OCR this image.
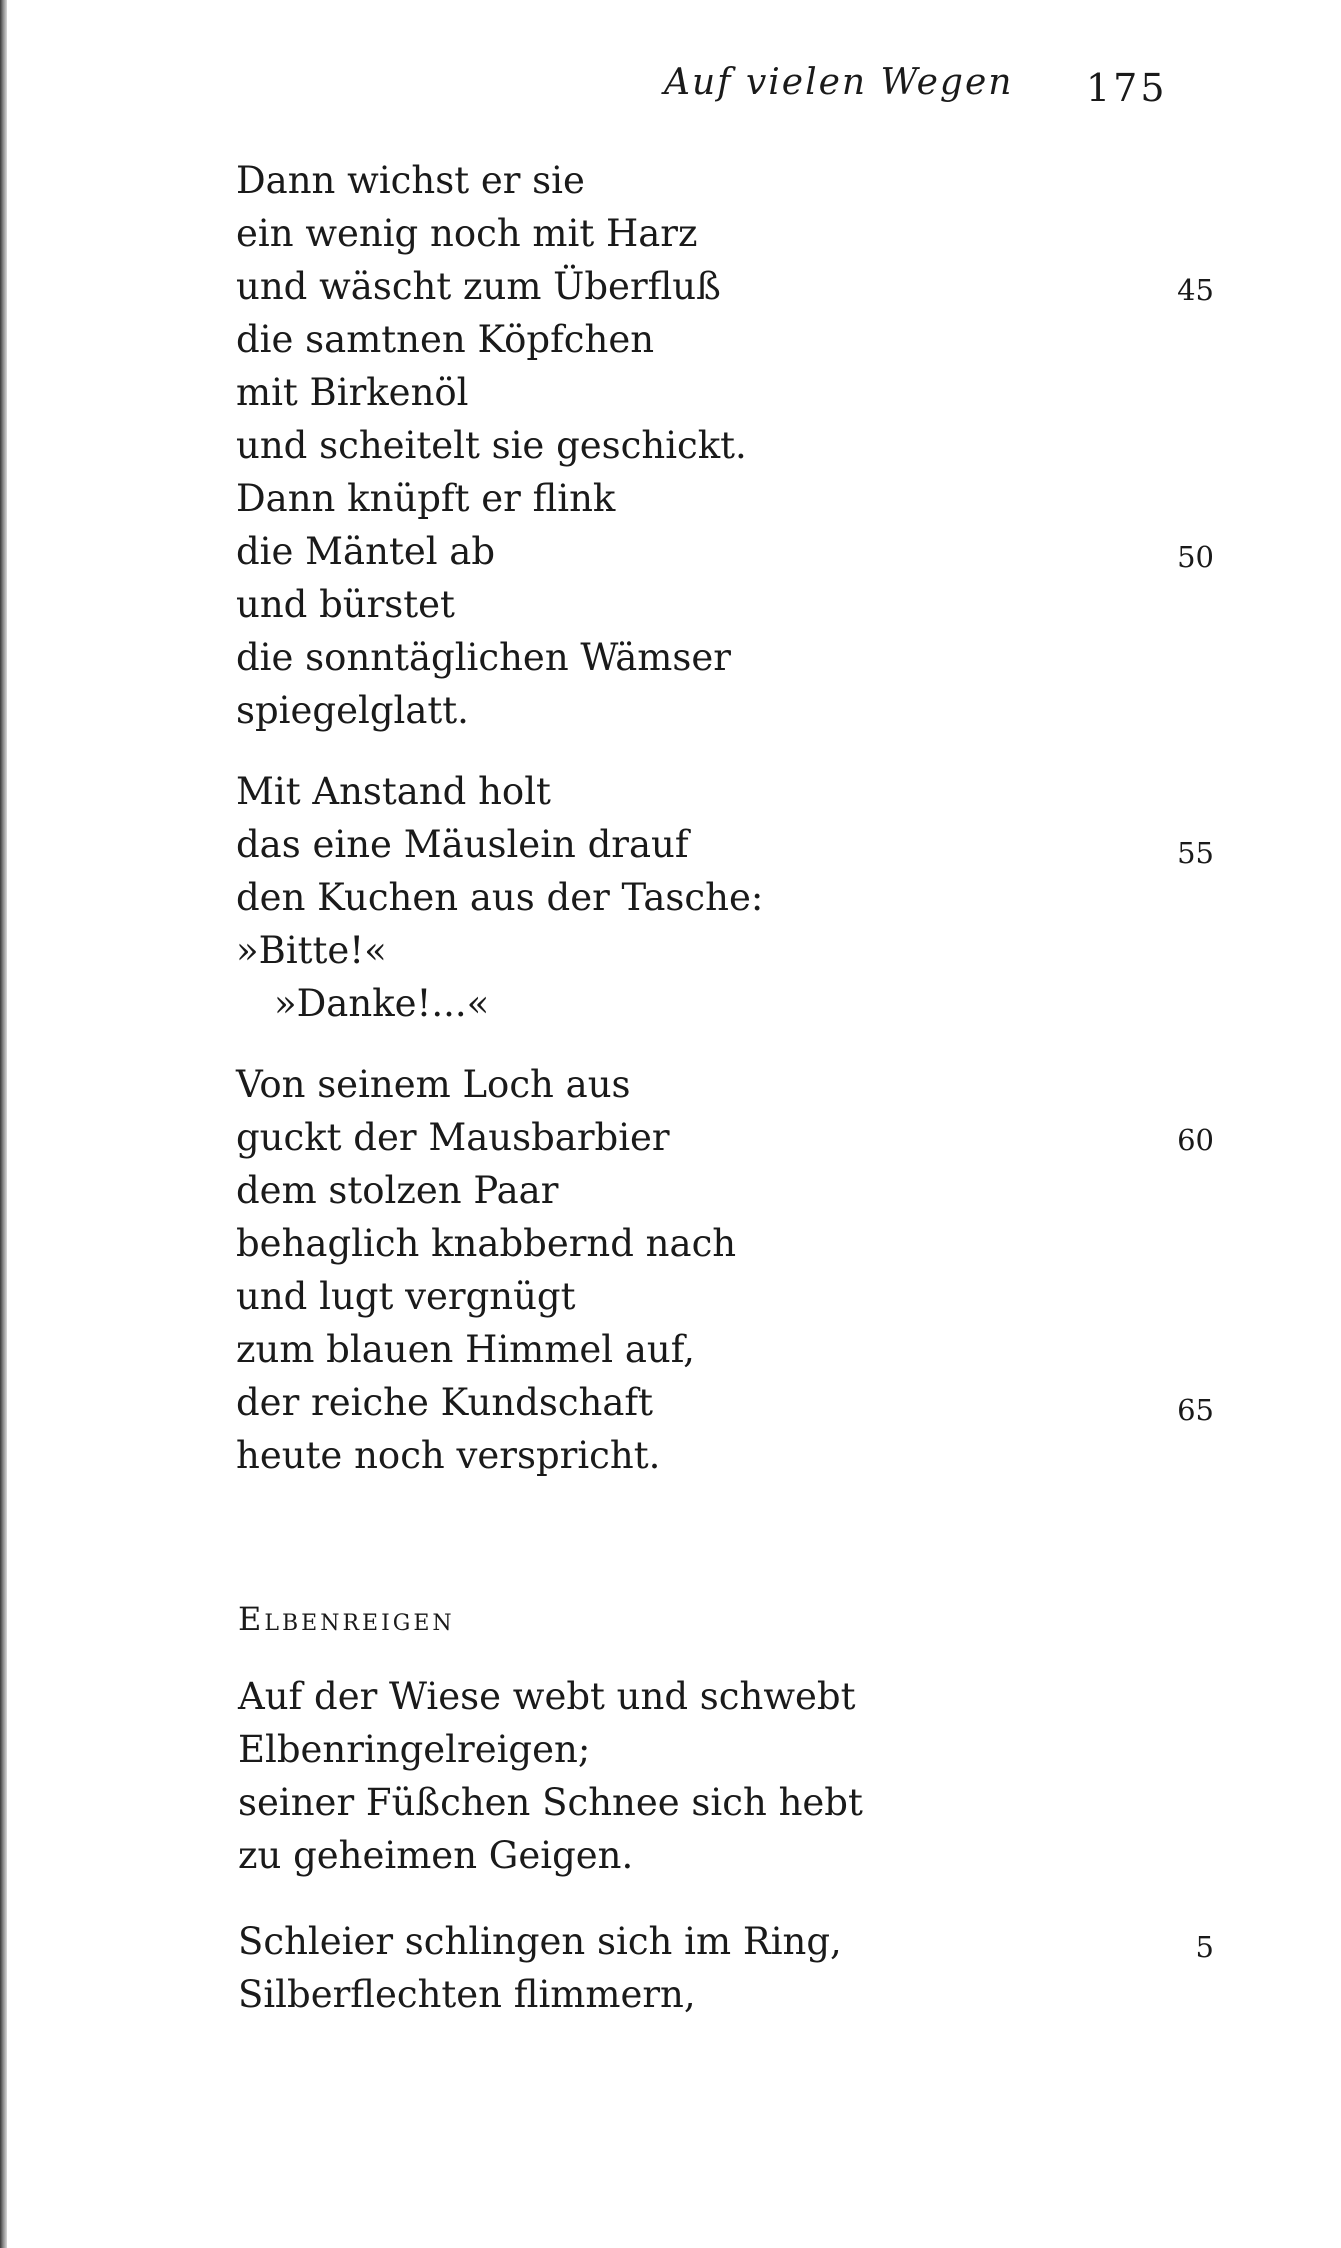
Auf vielen Wegen 175
Dann wichst er sie
ein wenig noch mit Harz
und wäscht zum Überfluß
die samtnen Köpfchen
mit Birkenöl
und scheitelt sie geschickt.
Dann knüpft er flink
die Mäntel ab
und bürstet
die sonntäglichen Wämser
spiegelglatt.
Mit Anstand holt
das eine Mäuslein drauf
den Kuchen aus der Tasche:
»Bitte!«
»Danke!...«
Von seinem Loch aus
guckt der Mausbarbier
dem stolzen Paar
behaglich knabbernd nach
und lugt vergnügt
zum blauen Himmel auf,
der reiche Kundschaft
heute noch verspricht.
45
50
55
60
65
Elbenreigen
Auf der Wiese webt und schwebt
Elbenringelreigen;
seiner Füßchen Schnee sich hebt
zu geheimen Geigen.
Schleier schlingen sich im Ring,
Silberflechten flimmern,
5
